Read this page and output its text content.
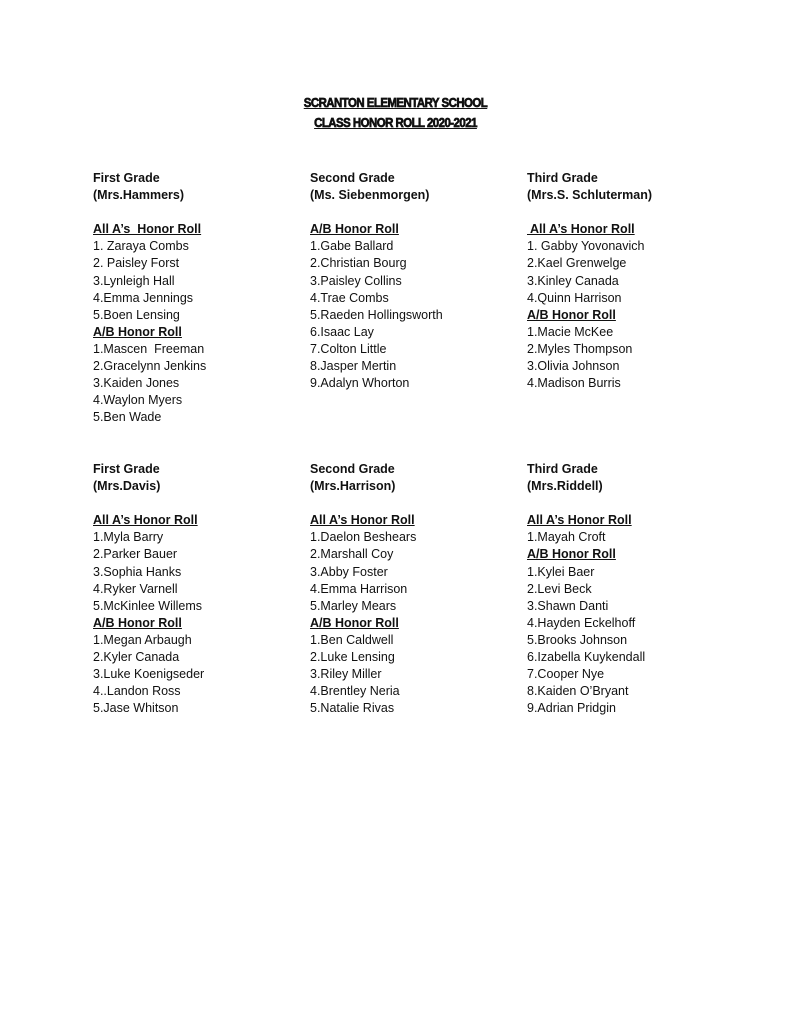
SCRANTON ELEMENTARY SCHOOL
CLASS HONOR ROLL 2020-2021
First Grade
(Mrs.Hammers)
All A’s  Honor Roll
1. Zaraya Combs
2. Paisley Forst
3.Lynleigh Hall
4.Emma Jennings
5.Boen Lensing
A/B Honor Roll
1.Mascen  Freeman
2.Gracelynn Jenkins
3.Kaiden Jones
4.Waylon Myers
5.Ben Wade
Second Grade
(Ms. Siebenmorgen)
A/B Honor Roll
1.Gabe Ballard
2.Christian Bourg
3.Paisley Collins
4.Trae Combs
5.Raeden Hollingsworth
6.Isaac Lay
7.Colton Little
8.Jasper Mertin
9.Adalyn Whorton
Third Grade
(Mrs.S. Schluterman)
All A’s Honor Roll
1. Gabby Yovonavich
2.Kael Grenwelge
3.Kinley Canada
4.Quinn Harrison
A/B Honor Roll
1.Macie McKee
2.Myles Thompson
3.Olivia Johnson
4.Madison Burris
First Grade
(Mrs.Davis)
All A’s Honor Roll
1.Myla Barry
2.Parker Bauer
3.Sophia Hanks
4.Ryker Varnell
5.McKinlee Willems
A/B Honor Roll
1.Megan Arbaugh
2.Kyler Canada
3.Luke Koenigseder
4..Landon Ross
5.Jase Whitson
Second Grade
(Mrs.Harrison)
All A’s Honor Roll
1.Daelon Beshears
2.Marshall Coy
3.Abby Foster
4.Emma Harrison
5.Marley Mears
A/B Honor Roll
1.Ben Caldwell
2.Luke Lensing
3.Riley Miller
4.Brentley Neria
5.Natalie Rivas
Third Grade
(Mrs.Riddell)
All A’s Honor Roll
1.Mayah Croft
A/B Honor Roll
1.Kylei Baer
2.Levi Beck
3.Shawn Danti
4.Hayden Eckelhoff
5.Brooks Johnson
6.Izabella Kuykendall
7.Cooper Nye
8.Kaiden O’Bryant
9.Adrian Pridgin
